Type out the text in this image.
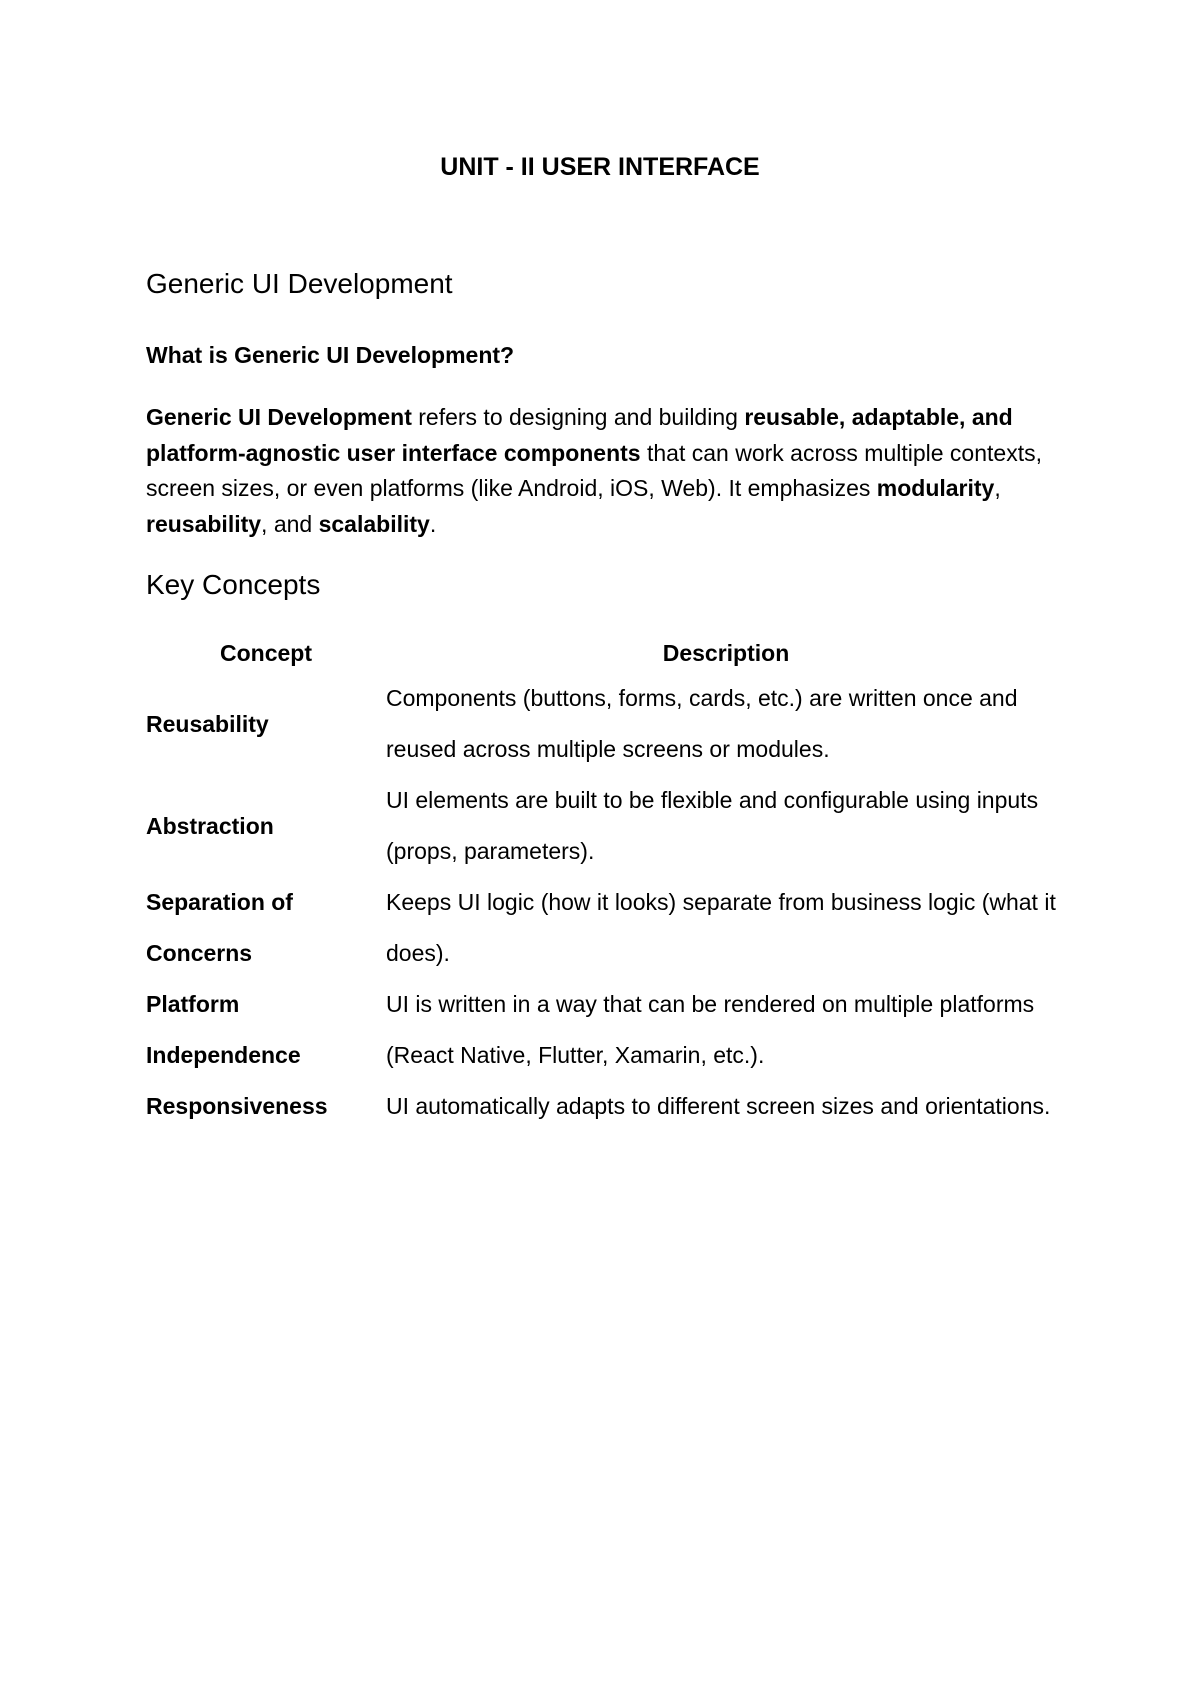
UNIT - II USER INTERFACE
Generic UI Development
What is Generic UI Development?

Generic UI Development refers to designing and building reusable, adaptable, and platform-agnostic user interface components that can work across multiple contexts, screen sizes, or even platforms (like Android, iOS, Web). It emphasizes modularity, reusability, and scalability.

Key Concepts
Concept	Description
Reusability	Components (buttons, forms, cards, etc.) are written once and reused across multiple screens or modules.
Abstraction	UI elements are built to be flexible and configurable using inputs (props, parameters).
Separation of Concerns	Keeps UI logic (how it looks) separate from business logic (what it does).
Platform Independence	UI is written in a way that can be rendered on multiple platforms (React Native, Flutter, Xamarin, etc.).
Responsiveness	UI automatically adapts to different screen sizes and orientations.
